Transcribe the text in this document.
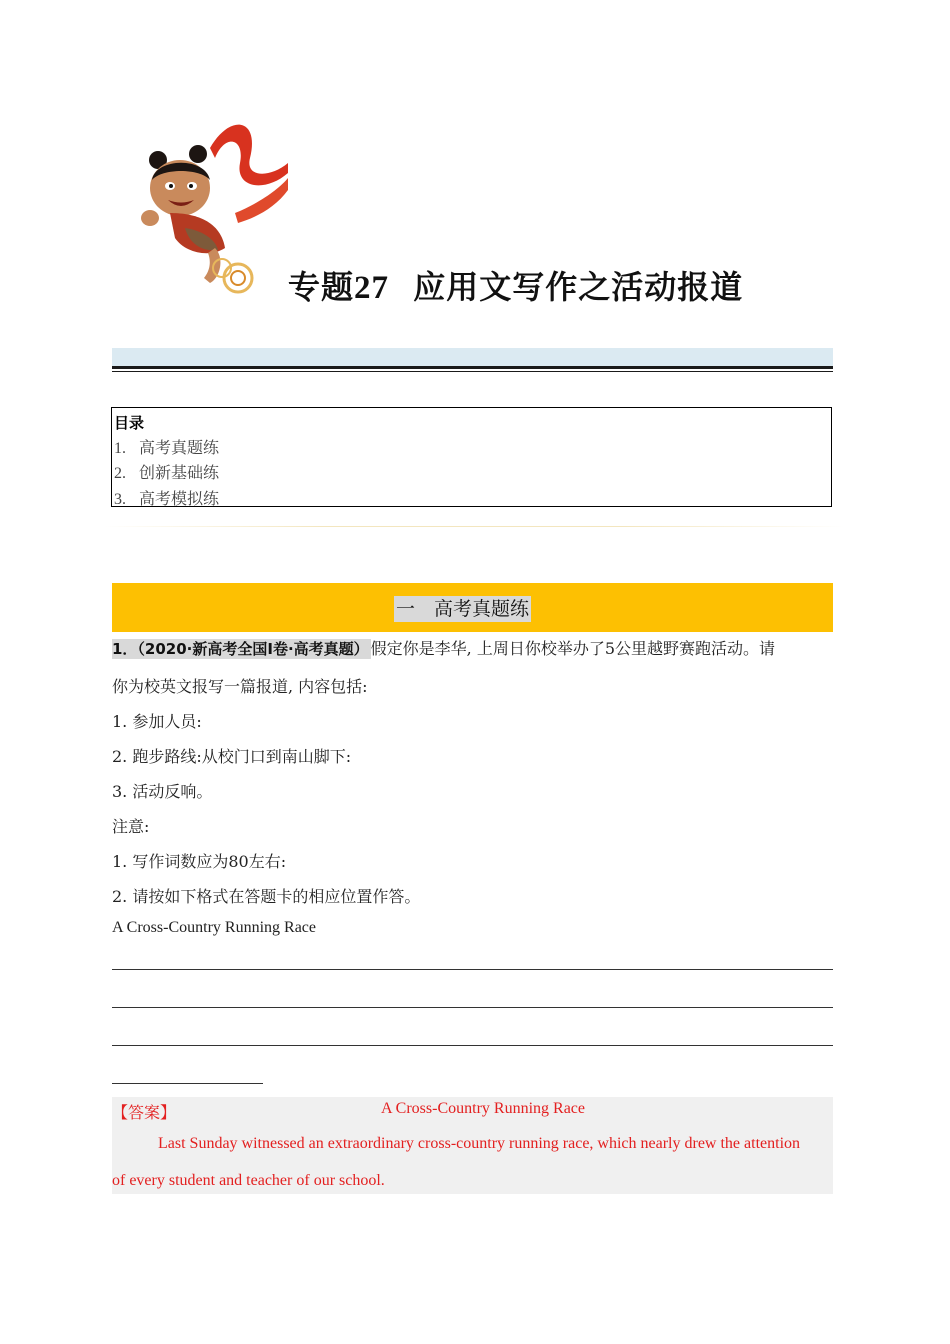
专题27 应用文写作之活动报道
目录
1. 高考真题练
2. 创新基础练
3. 高考模拟练
一　高考真题练
1．（2020·新高考全国Ⅰ卷·高考真题） 假定你是李华, 上周日你校举办了5公里越野赛跑活动。请
你为校英文报写一篇报道, 内容包括:
1. 参加人员:
2. 跑步路线:从校门口到南山脚下:
3. 活动反响。
注意:
1. 写作词数应为80左右:
2. 请按如下格式在答题卡的相应位置作答。
A Cross-Country Running Race
【答案】	A Cross-Country Running Race
Last Sunday witnessed an extraordinary cross-country running race, which nearly drew the attention
of every student and teacher of our school.
